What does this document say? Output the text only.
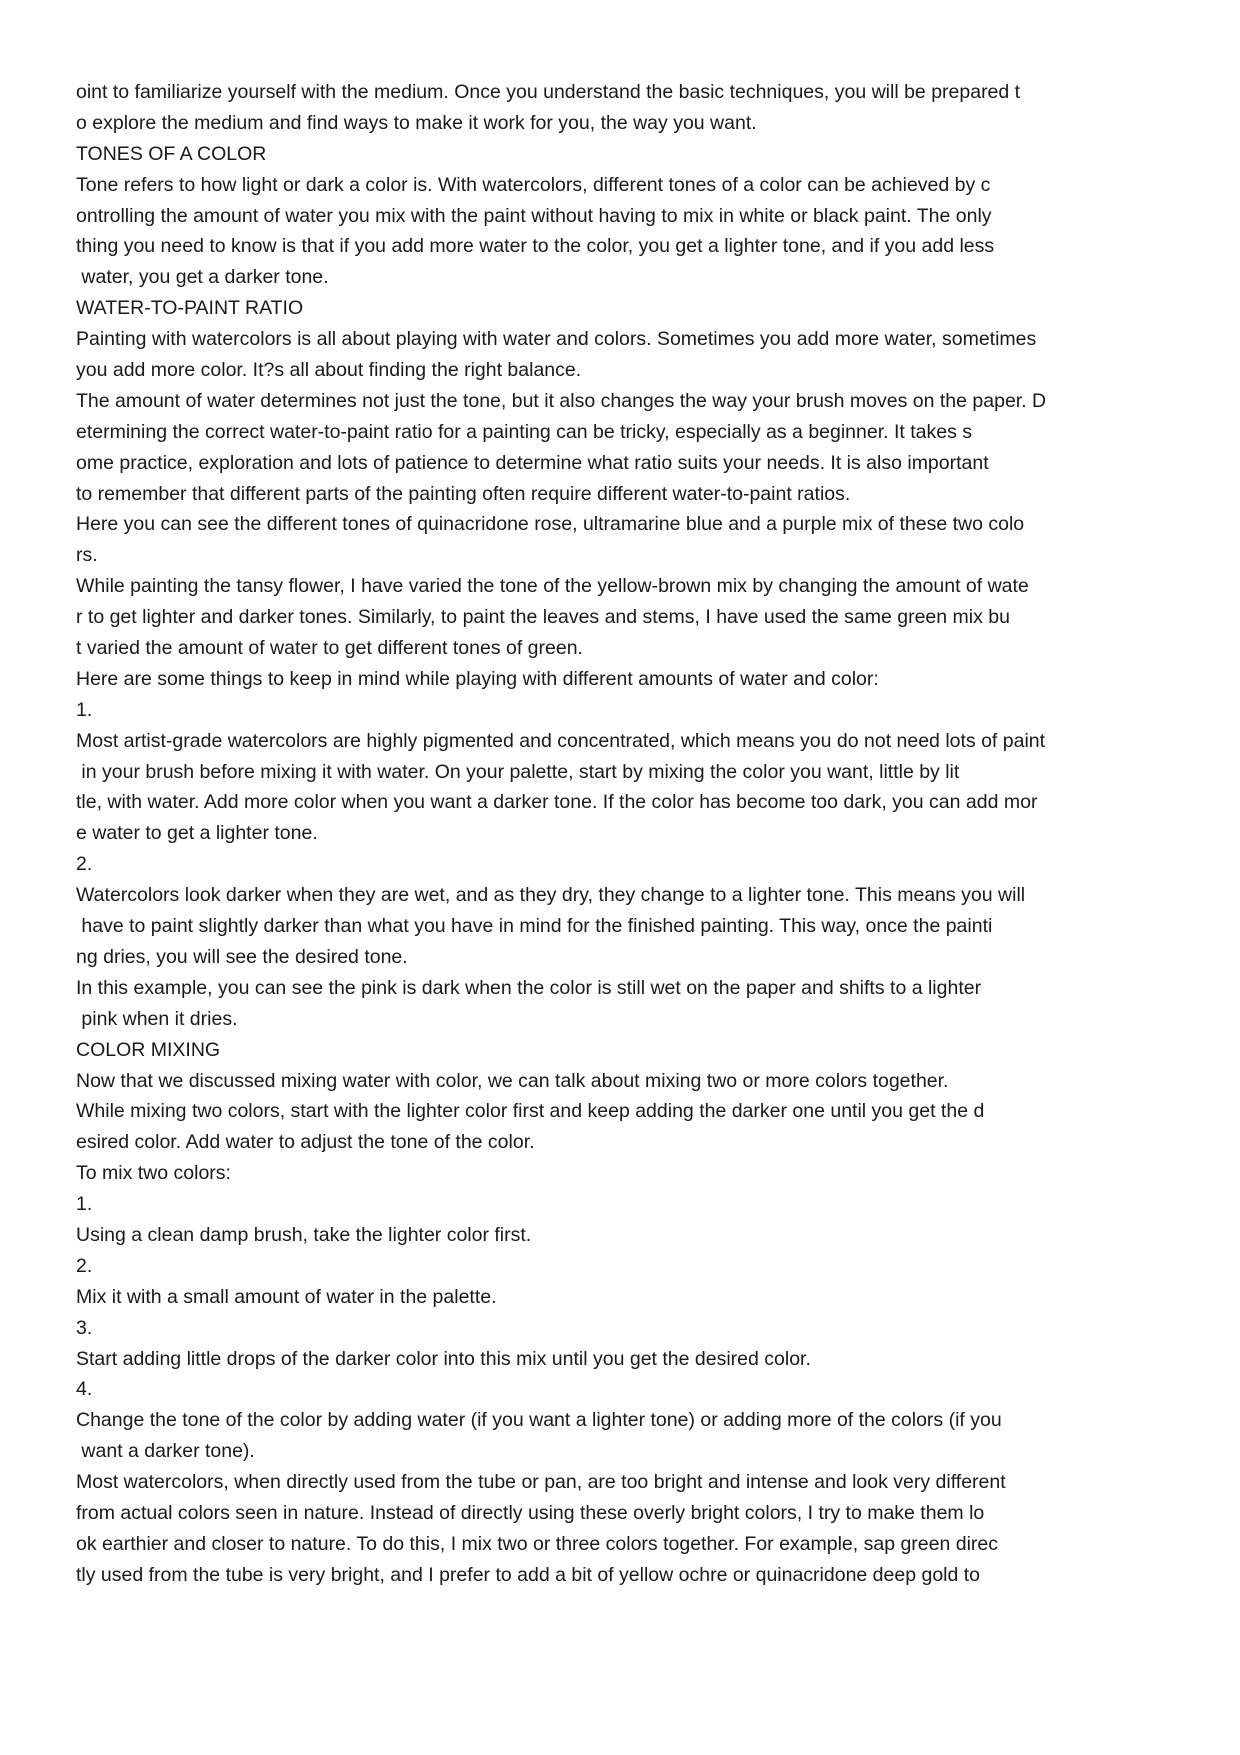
oint to familiarize yourself with the medium. Once you understand the basic techniques, you will be prepared t
o explore the medium and find ways to make it work for you, the way you want.
TONES OF A COLOR
Tone refers to how light or dark a color is. With watercolors, different tones of a color can be achieved by c
ontrolling the amount of water you mix with the paint without having to mix in white or black paint. The only
thing you need to know is that if you add more water to the color, you get a lighter tone, and if you add less
water, you get a darker tone.
WATER-TO-PAINT RATIO
Painting with watercolors is all about playing with water and colors. Sometimes you add more water, sometimes
you add more color. It?s all about finding the right balance.
The amount of water determines not just the tone, but it also changes the way your brush moves on the paper. D
etermining the correct water-to-paint ratio for a painting can be tricky, especially as a beginner. It takes s
ome practice, exploration and lots of patience to determine what ratio suits your needs. It is also important
to remember that different parts of the painting often require different water-to-paint ratios.
Here you can see the different tones of quinacridone rose, ultramarine blue and a purple mix of these two colo
rs.
While painting the tansy flower, I have varied the tone of the yellow-brown mix by changing the amount of wate
r to get lighter and darker tones. Similarly, to paint the leaves and stems, I have used the same green mix bu
t varied the amount of water to get different tones of green.
Here are some things to keep in mind while playing with different amounts of water and color:
1.
Most artist-grade watercolors are highly pigmented and concentrated, which means you do not need lots of paint
in your brush before mixing it with water. On your palette, start by mixing the color you want, little by lit
tle, with water. Add more color when you want a darker tone. If the color has become too dark, you can add mor
e water to get a lighter tone.
2.
Watercolors look darker when they are wet, and as they dry, they change to a lighter tone. This means you will
have to paint slightly darker than what you have in mind for the finished painting. This way, once the painti
ng dries, you will see the desired tone.
In this example, you can see the pink is dark when the color is still wet on the paper and shifts to a lighter
pink when it dries.
COLOR MIXING
Now that we discussed mixing water with color, we can talk about mixing two or more colors together.
While mixing two colors, start with the lighter color first and keep adding the darker one until you get the d
esired color. Add water to adjust the tone of the color.
To mix two colors:
1.
Using a clean damp brush, take the lighter color first.
2.
Mix it with a small amount of water in the palette.
3.
Start adding little drops of the darker color into this mix until you get the desired color.
4.
Change the tone of the color by adding water (if you want a lighter tone) or adding more of the colors (if you
want a darker tone).
Most watercolors, when directly used from the tube or pan, are too bright and intense and look very different
from actual colors seen in nature. Instead of directly using these overly bright colors, I try to make them lo
ok earthier and closer to nature. To do this, I mix two or three colors together. For example, sap green direc
tly used from the tube is very bright, and I prefer to add a bit of yellow ochre or quinacridone deep gold to
